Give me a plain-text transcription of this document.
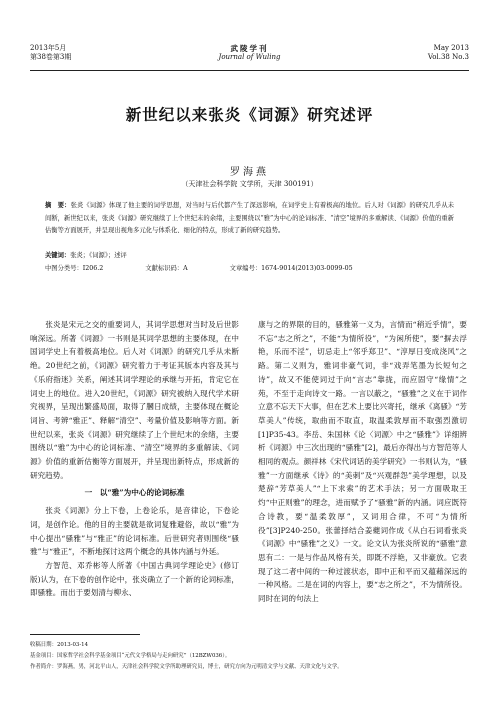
2013年5月
第38卷第3期
武陵学刊
Journal of Wuling
May 2013
Vol.38 No.3
新世纪以来张炎《词源》研究述评
罗海燕
（天津社会科学院 文学所，天津 300191）
摘　要：张炎《词源》体现了他主要的词学思想，对当时与后代都产生了深远影响，在词学史上有着极高的地位。后人对《词源》的研究几乎从未间断，新世纪以来，张炎《词源》研究继续了上个世纪末的余绪，主要围绕以“雅”为中心的论词标准、“清空”境界的多重解读、《词源》价值的重新估衡等方面展开，并呈现出视角多元化与体系化、细化的特点，形成了新的研究趋势。
关键词：张炎；《词源》；述评
中图分类号：I206.2	文献标识码：A	文章编号：1674-9014(2013)03-0099-05

张炎是宋元之交的重要词人，其词学思想对当时及后世影响深远。所著《词源》一书则是其词学思想的主要体现，在中国词学史上有着极高地位。后人对《词源》的研究几乎从未断绝。20世纪之前，《词源》研究着力于考证其版本内容及其与《乐府指迷》关系，阐述其词学理论的承继与开拓，肯定它在词史上的地位。进入20世纪，《词源》研究被纳入现代学术研究视界，呈现出繁盛局面，取得了膕日成绩，主要体现在概论词旨、考辨“雅正”、释解“清空”、考量价值及影响等方面。新世纪以来，张炎《词源》研究继续了上个世纪末的余绪，主要围绕以“雅”为中心的论词标准、“清空”境界的多重解读、《词源》价值的重新估衡等方面展开，并呈现出新特点，形成新的研究趋势。

一　以“雅”为中心的论词标准

张炎《词源》分上下卷，上卷论乐，是音律论，下卷论词，是创作论。他的目的主要就是欲词复雅避俗，故以“雅”为中心提出“骚雅”与“雅正”的论词标准。后世研究者则围绕“骚雅”与“雅正”，不断地探讨这两个概念的具体内涵与外延。

方智范、邓乔彬等人所著《中国古典词学理论史》(修订版)认为，在下卷的创作论中，张炎确立了一个新的论词标准，即骚雅。而出于要划清与柳永、

康与之的界限的目的，骚雅第一义为，言情而“稍近乎情”，要不忘“志之所之”，不能“为情所役”，“为闲所使”，要“摒去浮艳，乐而不淫”，切忌走上“邻乎郑卫”、“淳厚日变成浇风”之路。第二义则为，雅词非豪气词，非“戏弄笔墨为长短句之诗”，故又不能使词过于向“言志”靠拢，而应固守“缘情”之苑，不至于走向诗文一路。一言以蔽之，“骚雅”之义在于词作立意不忘天下大事，但在艺术上要比兴寄托，继承《离骚》“芳草美人”传统，取曲而不取直，取温柔敦厚而不取强烈激切[1]P35-43。李岳、朱国林《论〈词源〉中之“骚雅”》详细辨析《词源》中三次出现的“骚雅”[2]，最后亦得出与方智范等人相同的观点。颜祥林《宋代词话的美学研究》一书则认为，“骚雅”一方面继承《诗》的“美刺”及“兴观群怨”美学理想，以及楚辞“芳草美人”“上下求索”的艺术手法；另一方面吸取王灼“中正则雅”的理念，进而赋予了“骚雅”新的内涵。词应既符合诗教，要“温柔敦厚”，又词用合律，不可“为情所役”[3]P240-250。张蕾择结合姜夔词作成《从白石词看张炎《词源》中“骚雅”之义》一文。论文认为张炎所说的“骚雅”意思有二：一是与作品风格有关，即既不浮艳，又非豪放。它表现了这二者中间的一种过渡状态，即中正和平而又蕴藉深远的一种风格。二是在词的内容上，要“志之所之”，不为情所役。同时在词的句法上

收稿日期：2013-03-14
基金项目：国家哲学社会科学基金项目“元代文学格局与走向研究”（12BZW036）。
作者简介：罗海燕，男，河北平山人，天津社会科学院文学所助理研究员，博士，研究方向为元明清文学与文献、天津文化与文学。
